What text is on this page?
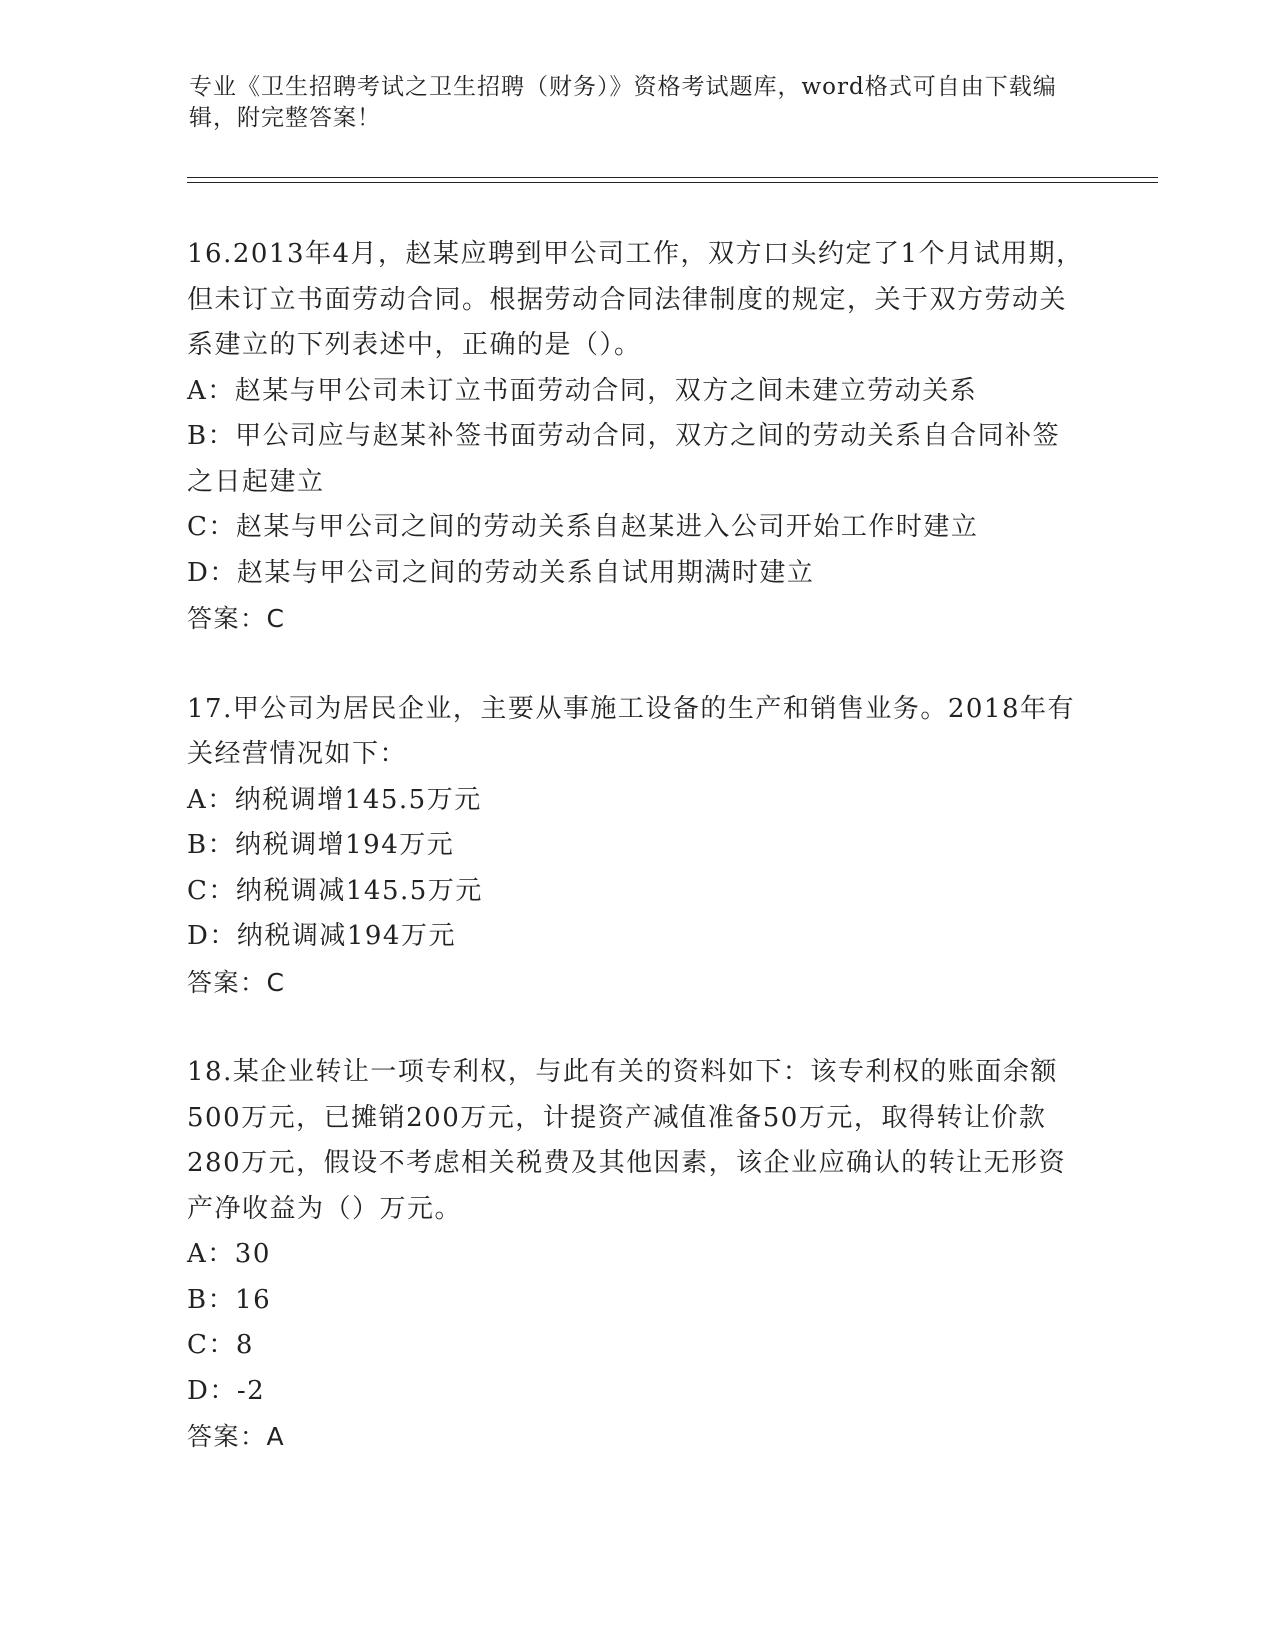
专业《卫生招聘考试之卫生招聘（财务）》资格考试题库，word格式可自由下载编辑，附完整答案！

16.2013年4月，赵某应聘到甲公司工作，双方口头约定了1个月试用期，但未订立书面劳动合同。根据劳动合同法律制度的规定，关于双方劳动关系建立的下列表述中，正确的是（）。

A：赵某与甲公司未订立书面劳动合同，双方之间未建立劳动关系

B：甲公司应与赵某补签书面劳动合同，双方之间的劳动关系自合同补签之日起建立

C：赵某与甲公司之间的劳动关系自赵某进入公司开始工作时建立

D：赵某与甲公司之间的劳动关系自试用期满时建立

答案：C

17.甲公司为居民企业，主要从事施工设备的生产和销售业务。2018年有关经营情况如下：

A：纳税调增145.5万元

B：纳税调增194万元

C：纳税调减145.5万元

D：纳税调减194万元

答案：C

18.某企业转让一项专利权，与此有关的资料如下：该专利权的账面余额500万元，已摊销200万元，计提资产减值准备50万元，取得转让价款280万元，假设不考虑相关税费及其他因素，该企业应确认的转让无形资产净收益为（）万元。

A：30

B：16

C：8

D：-2

答案：A
